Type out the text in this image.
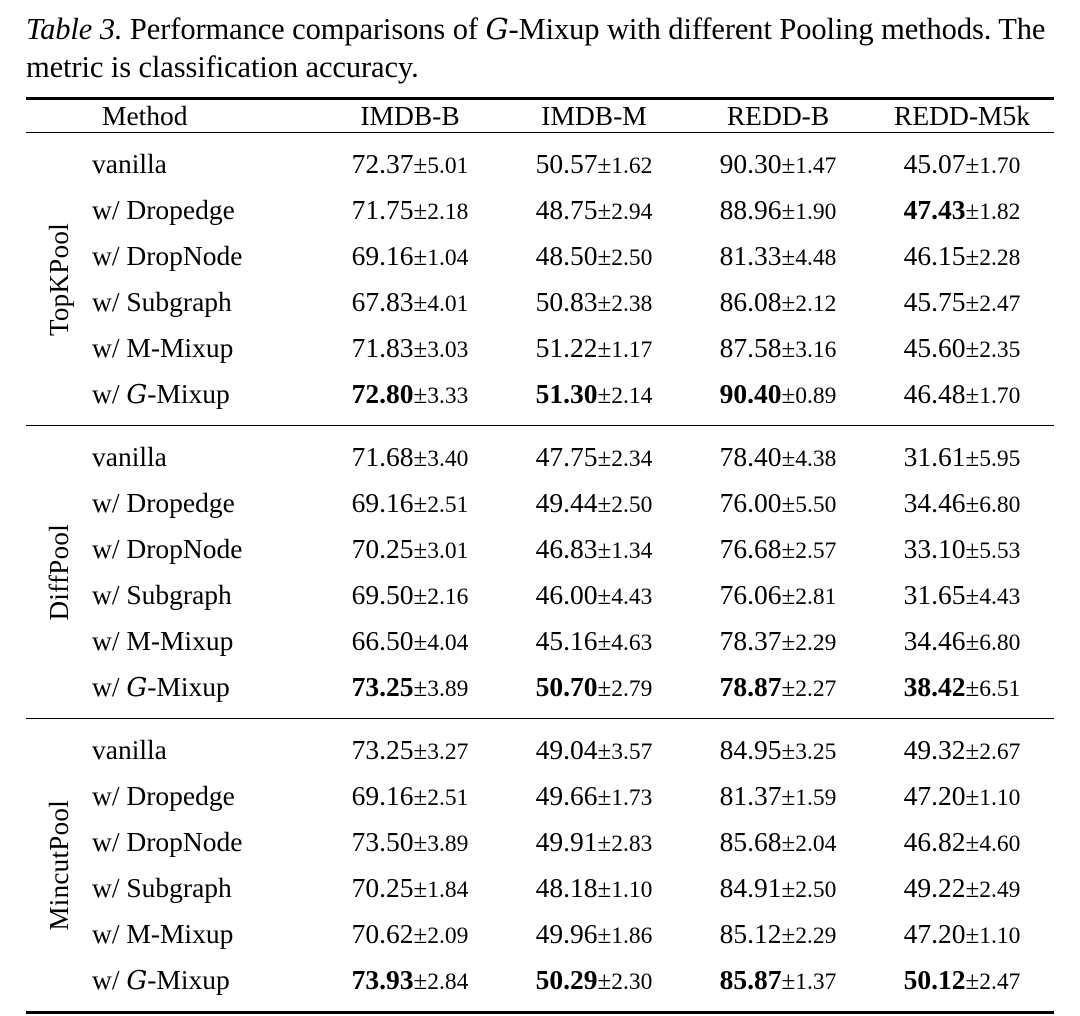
Table 3. Performance comparisons of G-Mixup with different Pooling methods. The metric is classification accuracy.
	Method	IMDB-B	IMDB-M	REDD-B	REDD-M5k
TopKPool	vanilla	72.37±5.01	50.57±1.62	90.30±1.47	45.07±1.70
	w/ Dropedge	71.75±2.18	48.75±2.94	88.96±1.90	47.43±1.82
	w/ DropNode	69.16±1.04	48.50±2.50	81.33±4.48	46.15±2.28
	w/ Subgraph	67.83±4.01	50.83±2.38	86.08±2.12	45.75±2.47
	w/ M-Mixup	71.83±3.03	51.22±1.17	87.58±3.16	45.60±2.35
	w/ G-Mixup	72.80±3.33	51.30±2.14	90.40±0.89	46.48±1.70
DiffPool	vanilla	71.68±3.40	47.75±2.34	78.40±4.38	31.61±5.95
	w/ Dropedge	69.16±2.51	49.44±2.50	76.00±5.50	34.46±6.80
	w/ DropNode	70.25±3.01	46.83±1.34	76.68±2.57	33.10±5.53
	w/ Subgraph	69.50±2.16	46.00±4.43	76.06±2.81	31.65±4.43
	w/ M-Mixup	66.50±4.04	45.16±4.63	78.37±2.29	34.46±6.80
	w/ G-Mixup	73.25±3.89	50.70±2.79	78.87±2.27	38.42±6.51
MincutPool	vanilla	73.25±3.27	49.04±3.57	84.95±3.25	49.32±2.67
	w/ Dropedge	69.16±2.51	49.66±1.73	81.37±1.59	47.20±1.10
	w/ DropNode	73.50±3.89	49.91±2.83	85.68±2.04	46.82±4.60
	w/ Subgraph	70.25±1.84	48.18±1.10	84.91±2.50	49.22±2.49
	w/ M-Mixup	70.62±2.09	49.96±1.86	85.12±2.29	47.20±1.10
	w/ G-Mixup	73.93±2.84	50.29±2.30	85.87±1.37	50.12±2.47
